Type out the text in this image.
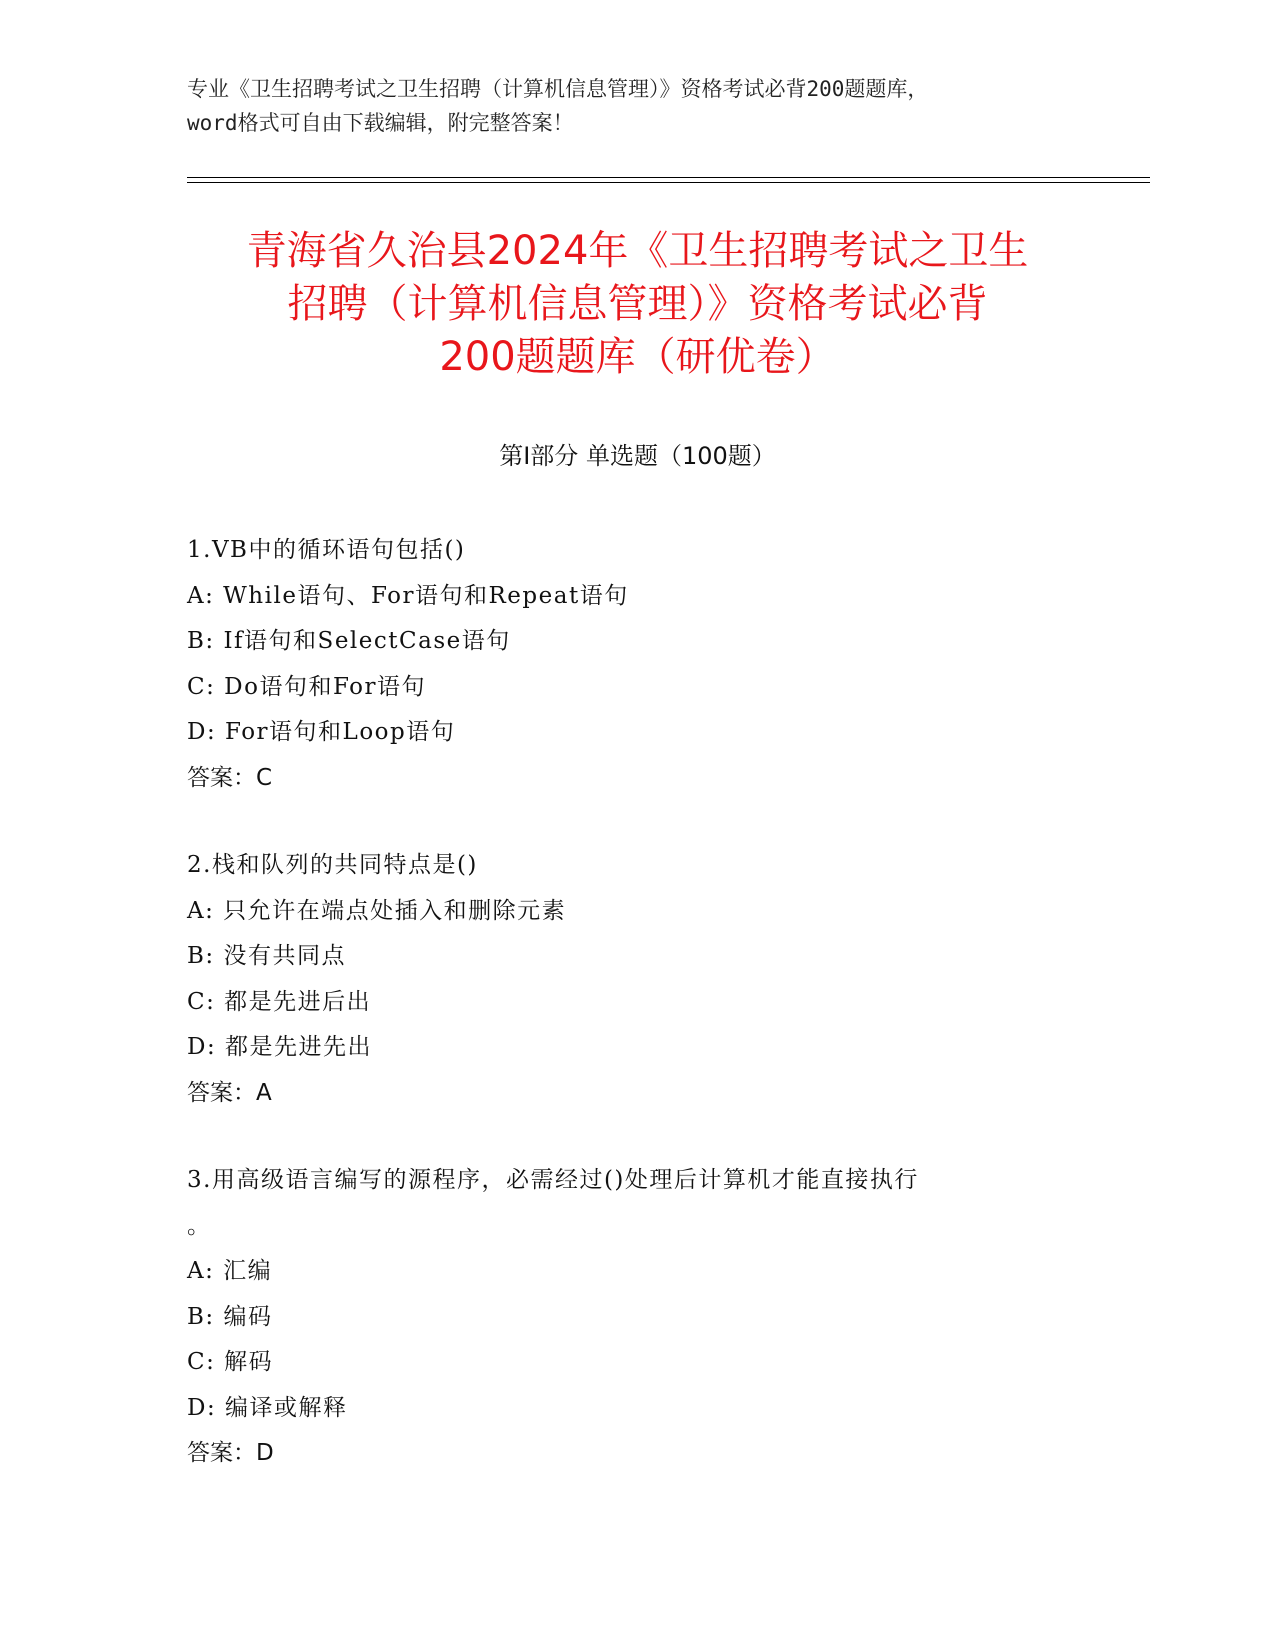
专业《卫生招聘考试之卫生招聘（计算机信息管理）》资格考试必背200题题库，
word格式可自由下载编辑，附完整答案！
青海省久治县2024年《卫生招聘考试之卫生
招聘（计算机信息管理）》资格考试必背
200题题库（研优卷）
第Ⅰ部分 单选题（100题）
1.VB中的循环语句包括()
A: While语句、For语句和Repeat语句
B: If语句和SelectCase语句
C: Do语句和For语句
D: For语句和Loop语句
答案：C
2.栈和队列的共同特点是()
A: 只允许在端点处插入和删除元素
B: 没有共同点
C: 都是先进后出
D: 都是先进先出
答案：A
3.用高级语言编写的源程序，必需经过()处理后计算机才能直接执行
。
A: 汇编
B: 编码
C: 解码
D: 编译或解释
答案：D
